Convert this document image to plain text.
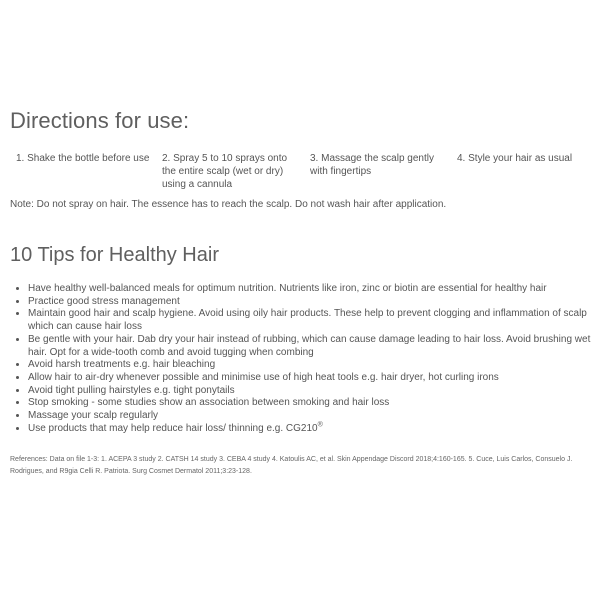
Directions for use:
1. Shake the bottle before use	2. Spray 5 to 10 sprays onto the entire scalp (wet or dry) using a cannula
3. Massage the scalp gently with fingertips
4. Style your hair as usual

Note: Do not spray on hair. The essence has to reach the scalp. Do not wash hair after application.

10 Tips for Healthy Hair
• Have healthy well-balanced meals for optimum nutrition. Nutrients like iron, zinc or biotin are essential for healthy hair
• Practice good stress management
• Maintain good hair and scalp hygiene. Avoid using oily hair products. These help to prevent clogging and inflammation of scalp which can cause hair loss
• Be gentle with your hair. Dab dry your hair instead of rubbing, which can cause damage leading to hair loss. Avoid brushing wet hair. Opt for a wide-tooth comb and avoid tugging when combing
• Avoid harsh treatments e.g. hair bleaching
• Allow hair to air-dry whenever possible and minimise use of high heat tools e.g. hair dryer, hot curling irons
• Avoid tight pulling hairstyles e.g. tight ponytails
• Stop smoking - some studies show an association between smoking and hair loss
• Massage your scalp regularly
• Use products that may help reduce hair loss/ thinning e.g. CG210®

References: Data on file 1-3: 1. ACEPA 3 study 2. CATSH 14 study 3. CEBA 4 study 4. Katoulis AC, et al. Skin Appendage Discord 2018;4:160-165. 5. Cuce, Luis Carlos, Consuelo J. Rodrigues, and R9gia Celli R. Patriota. Surg Cosmet Dermatol 2011;3:23-128.
